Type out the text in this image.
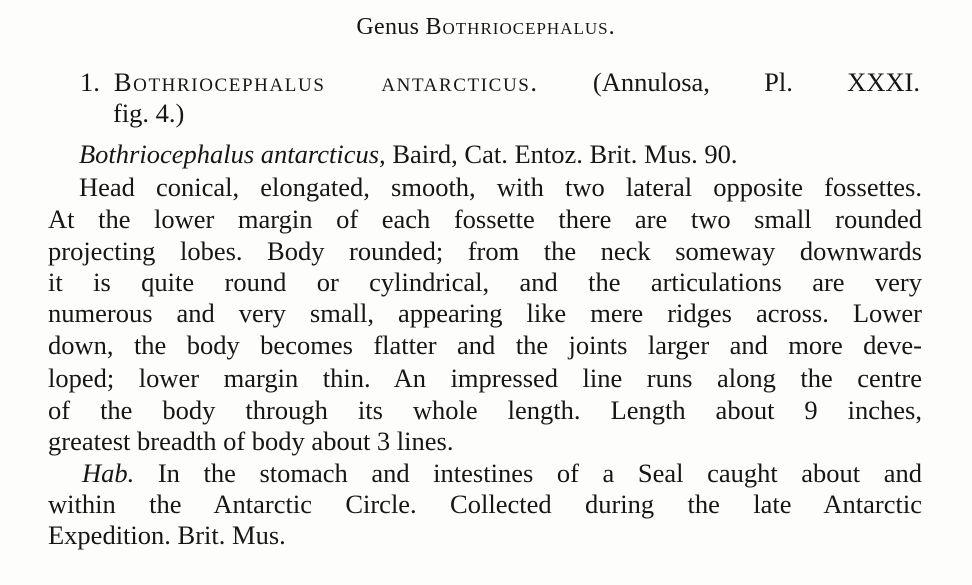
Genus Bothriocephalus.
1. Bothriocephalus antarcticus. (Annulosa, Pl. XXXI.
fig. 4.)
Bothriocephalus antarcticus, Baird, Cat. Entoz. Brit. Mus. 90.
Head conical, elongated, smooth, with two lateral opposite fossettes.
At the lower margin of each fossette there are two small rounded
projecting lobes. Body rounded; from the neck someway downwards
it is quite round or cylindrical, and the articulations are very
numerous and very small, appearing like mere ridges across. Lower
down, the body becomes flatter and the joints larger and more deve-
loped; lower margin thin. An impressed line runs along the centre
of the body through its whole length. Length about 9 inches,
greatest breadth of body about 3 lines.
Hab. In the stomach and intestines of a Seal caught about and
within the Antarctic Circle. Collected during the late Antarctic
Expedition. Brit. Mus.
